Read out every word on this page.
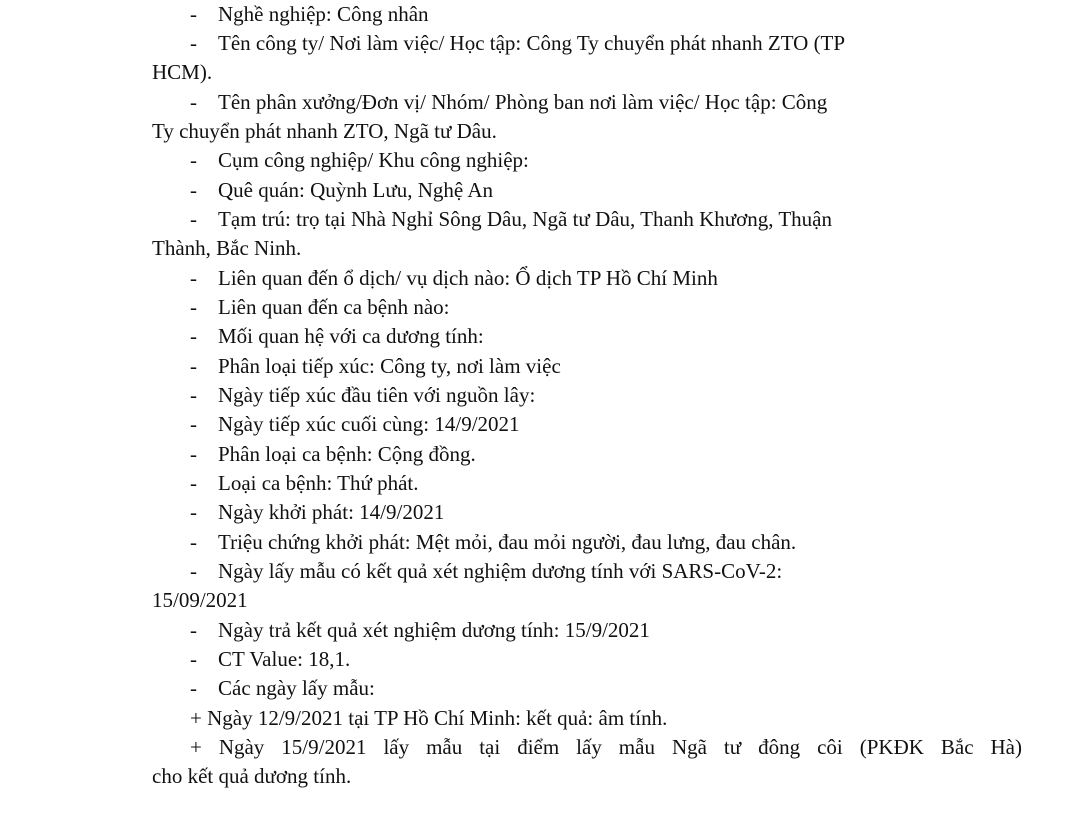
- Nghề nghiệp: Công nhân
- Tên công ty/ Nơi làm việc/ Học tập: Công Ty chuyển phát nhanh ZTO (TP
HCM).
- Tên phân xưởng/Đơn vị/ Nhóm/ Phòng ban nơi làm việc/ Học tập: Công
Ty chuyển phát nhanh ZTO, Ngã tư Dâu.
- Cụm công nghiệp/ Khu công nghiệp:
- Quê quán: Quỳnh Lưu, Nghệ An
- Tạm trú: trọ tại Nhà Nghỉ Sông Dâu, Ngã tư Dâu, Thanh Khương, Thuận
Thành, Bắc Ninh.
- Liên quan đến ổ dịch/ vụ dịch nào: Ổ dịch TP Hồ Chí Minh
- Liên quan đến ca bệnh nào:
- Mối quan hệ với ca dương tính:
- Phân loại tiếp xúc: Công ty, nơi làm việc
- Ngày tiếp xúc đầu tiên với nguồn lây:
- Ngày tiếp xúc cuối cùng: 14/9/2021
- Phân loại ca bệnh: Cộng đồng.
- Loại ca bệnh: Thứ phát.
- Ngày khởi phát: 14/9/2021
- Triệu chứng khởi phát: Mệt mỏi, đau mỏi người, đau lưng, đau chân.
- Ngày lấy mẫu có kết quả xét nghiệm dương tính với SARS-CoV-2:
15/09/2021
- Ngày trả kết quả xét nghiệm dương tính: 15/9/2021
- CT Value: 18,1.
- Các ngày lấy mẫu:
+ Ngày 12/9/2021 tại TP Hồ Chí Minh: kết quả: âm tính.
+ Ngày 15/9/2021 lấy mẫu tại điểm lấy mẫu Ngã tư đông côi (PKĐK Bắc Hà)
cho kết quả dương tính.
